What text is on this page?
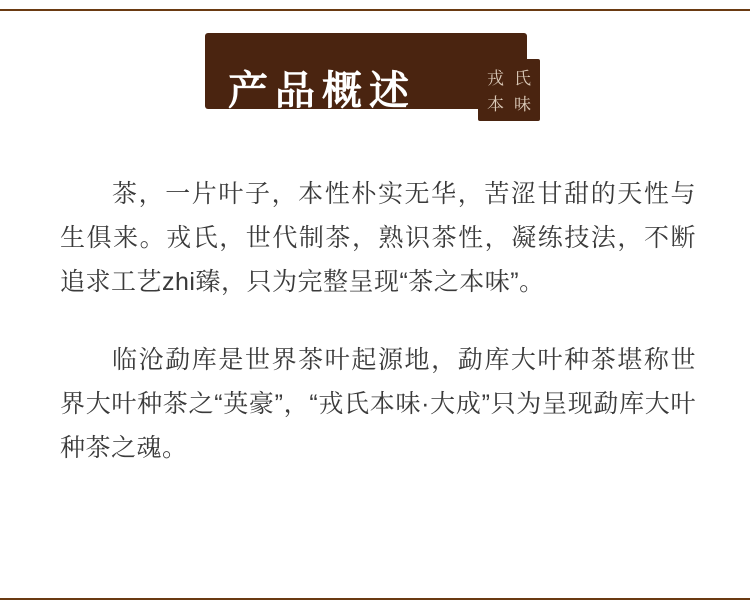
产品概述	戎 氏
本 味

茶，一片叶子，本性朴实无华，苦涩甘甜的天性与生俱来。戎氏，世代制茶，熟识茶性，凝练技法，不断追求工艺zhi臻，只为完整呈现“茶之本味”。

临沧勐库是世界茶叶起源地，勐库大叶种茶堪称世界大叶种茶之“英豪”，“戎氏本味·大成”只为呈现勐库大叶种茶之魂。
